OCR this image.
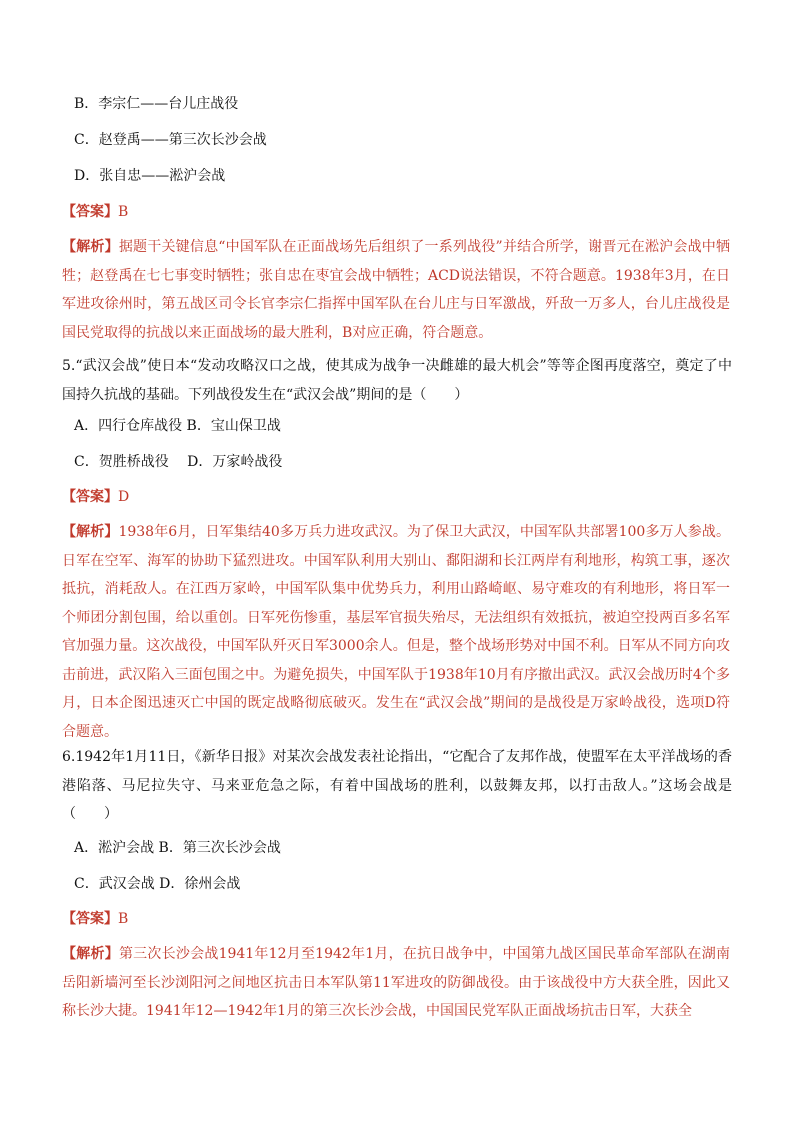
B．李宗仁——台儿庄战役
C．赵登禹——第三次长沙会战
D．张自忠——淞沪会战
【答案】B
【解析】据题干关键信息“中国军队在正面战场先后组织了一系列战役”并结合所学，谢晋元在淞沪会战中牺牲；赵登禹在七七事变时牺牲；张自忠在枣宜会战中牺牲；ACD说法错误，不符合题意。1938年3月，在日军进攻徐州时，第五战区司令长官李宗仁指挥中国军队在台儿庄与日军激战，歼敌一万多人，台儿庄战役是国民党取得的抗战以来正面战场的最大胜利，B对应正确，符合题意。
5.“武汉会战”使日本“发动攻略汉口之战，使其成为战争一决雌雄的最大机会”等等企图再度落空，奠定了中国持久抗战的基础。下列战役发生在“武汉会战”期间的是（　　）
A．四行仓库战役 B．宝山保卫战
C．贺胜桥战役　 D．万家岭战役
【答案】D
【解析】1938年6月，日军集结40多万兵力进攻武汉。为了保卫大武汉，中国军队共部署100多万人参战。日军在空军、海军的协助下猛烈进攻。中国军队利用大别山、鄱阳湖和长江两岸有利地形，构筑工事，逐次抵抗，消耗敌人。在江西万家岭，中国军队集中优势兵力，利用山路崎岖、易守难攻的有利地形，将日军一个师团分割包围，给以重创。日军死伤惨重，基层军官损失殆尽，无法组织有效抵抗，被迫空投两百多名军官加强力量。这次战役，中国军队歼灭日军3000余人。但是，整个战场形势对中国不利。日军从不同方向攻击前进，武汉陷入三面包围之中。为避免损失，中国军队于1938年10月有序撤出武汉。武汉会战历时4个多月，日本企图迅速灭亡中国的既定战略彻底破灭。发生在“武汉会战”期间的是战役是万家岭战役，选项D符合题意。
6.1942年1月11日，《新华日报》对某次会战发表社论指出，“它配合了友邦作战，使盟军在太平洋战场的香港陷落、马尼拉失守、马来亚危急之际，有着中国战场的胜利，以鼓舞友邦，以打击敌人。”这场会战是（　　）
A．淞沪会战 B．第三次长沙会战
C．武汉会战 D．徐州会战
【答案】B
【解析】第三次长沙会战1941年12月至1942年1月，在抗日战争中，中国第九战区国民革命军部队在湖南岳阳新墙河至长沙浏阳河之间地区抗击日本军队第11军进攻的防御战役。由于该战役中方大获全胜，因此又称长沙大捷。1941年12—1942年1月的第三次长沙会战，中国国民党军队正面战场抗击日军，大获全
